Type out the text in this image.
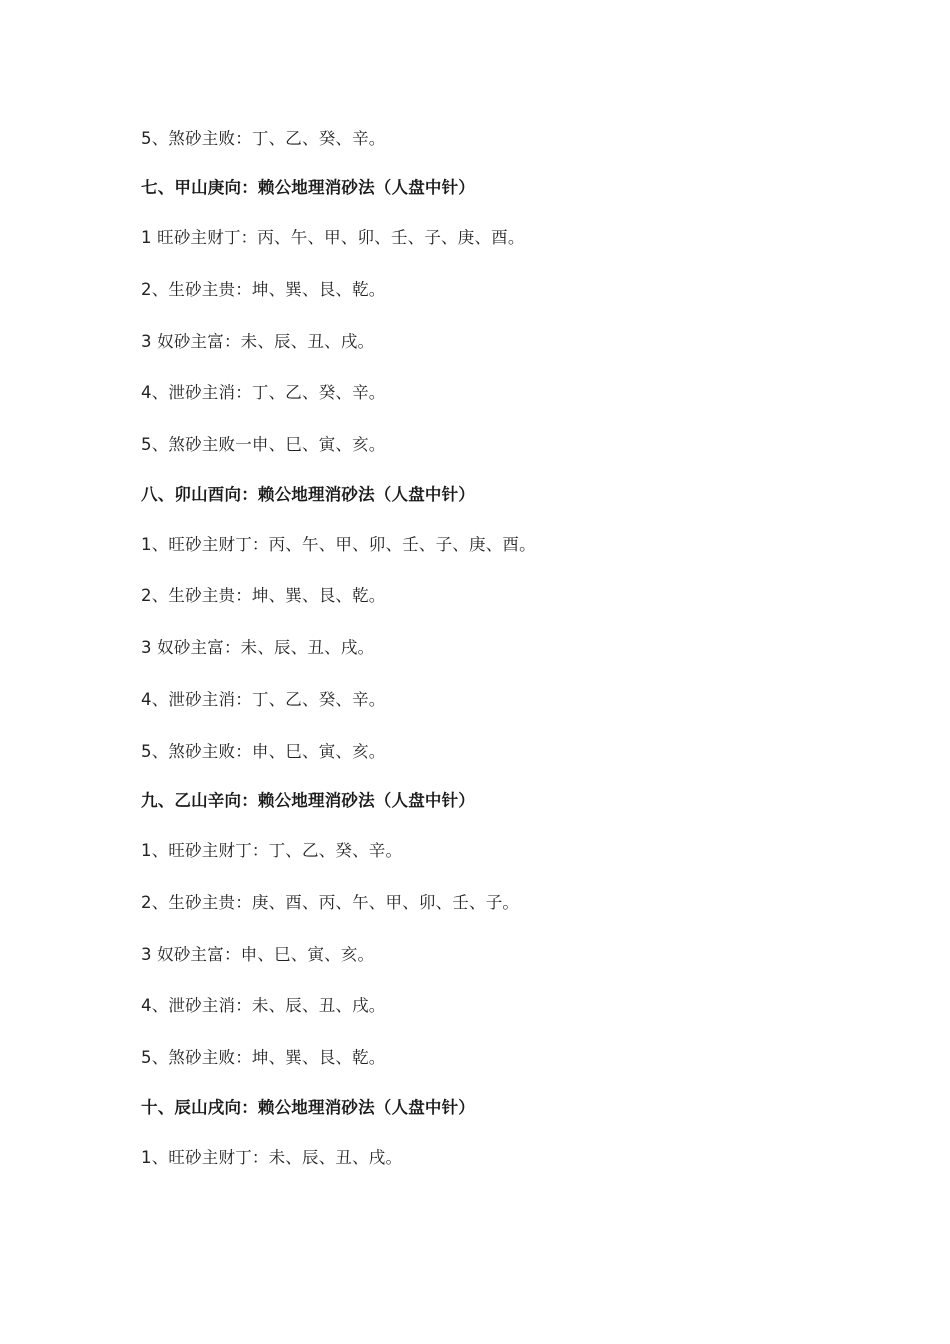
5、煞砂主败：丁、乙、癸、辛。
七、甲山庚向：赖公地理消砂法（人盘中针）
1 旺砂主财丁：丙、午、甲、卯、壬、子、庚、酉。
2、生砂主贵：坤、巽、艮、乾。
3 奴砂主富：未、辰、丑、戌。
4、泄砂主消：丁、乙、癸、辛。
5、煞砂主败一申、巳、寅、亥。
八、卯山酉向：赖公地理消砂法（人盘中针）
1、旺砂主财丁：丙、午、甲、卯、壬、子、庚、酉。
2、生砂主贵：坤、巽、艮、乾。
3 奴砂主富：未、辰、丑、戌。
4、泄砂主消：丁、乙、癸、辛。
5、煞砂主败：申、巳、寅、亥。
九、乙山辛向：赖公地理消砂法（人盘中针）
1、旺砂主财丁：丁、乙、癸、辛。
2、生砂主贵：庚、酉、丙、午、甲、卯、壬、子。
3 奴砂主富：申、巳、寅、亥。
4、泄砂主消：未、辰、丑、戌。
5、煞砂主败：坤、巽、艮、乾。
十、辰山戌向：赖公地理消砂法（人盘中针）
1、旺砂主财丁：未、辰、丑、戌。
